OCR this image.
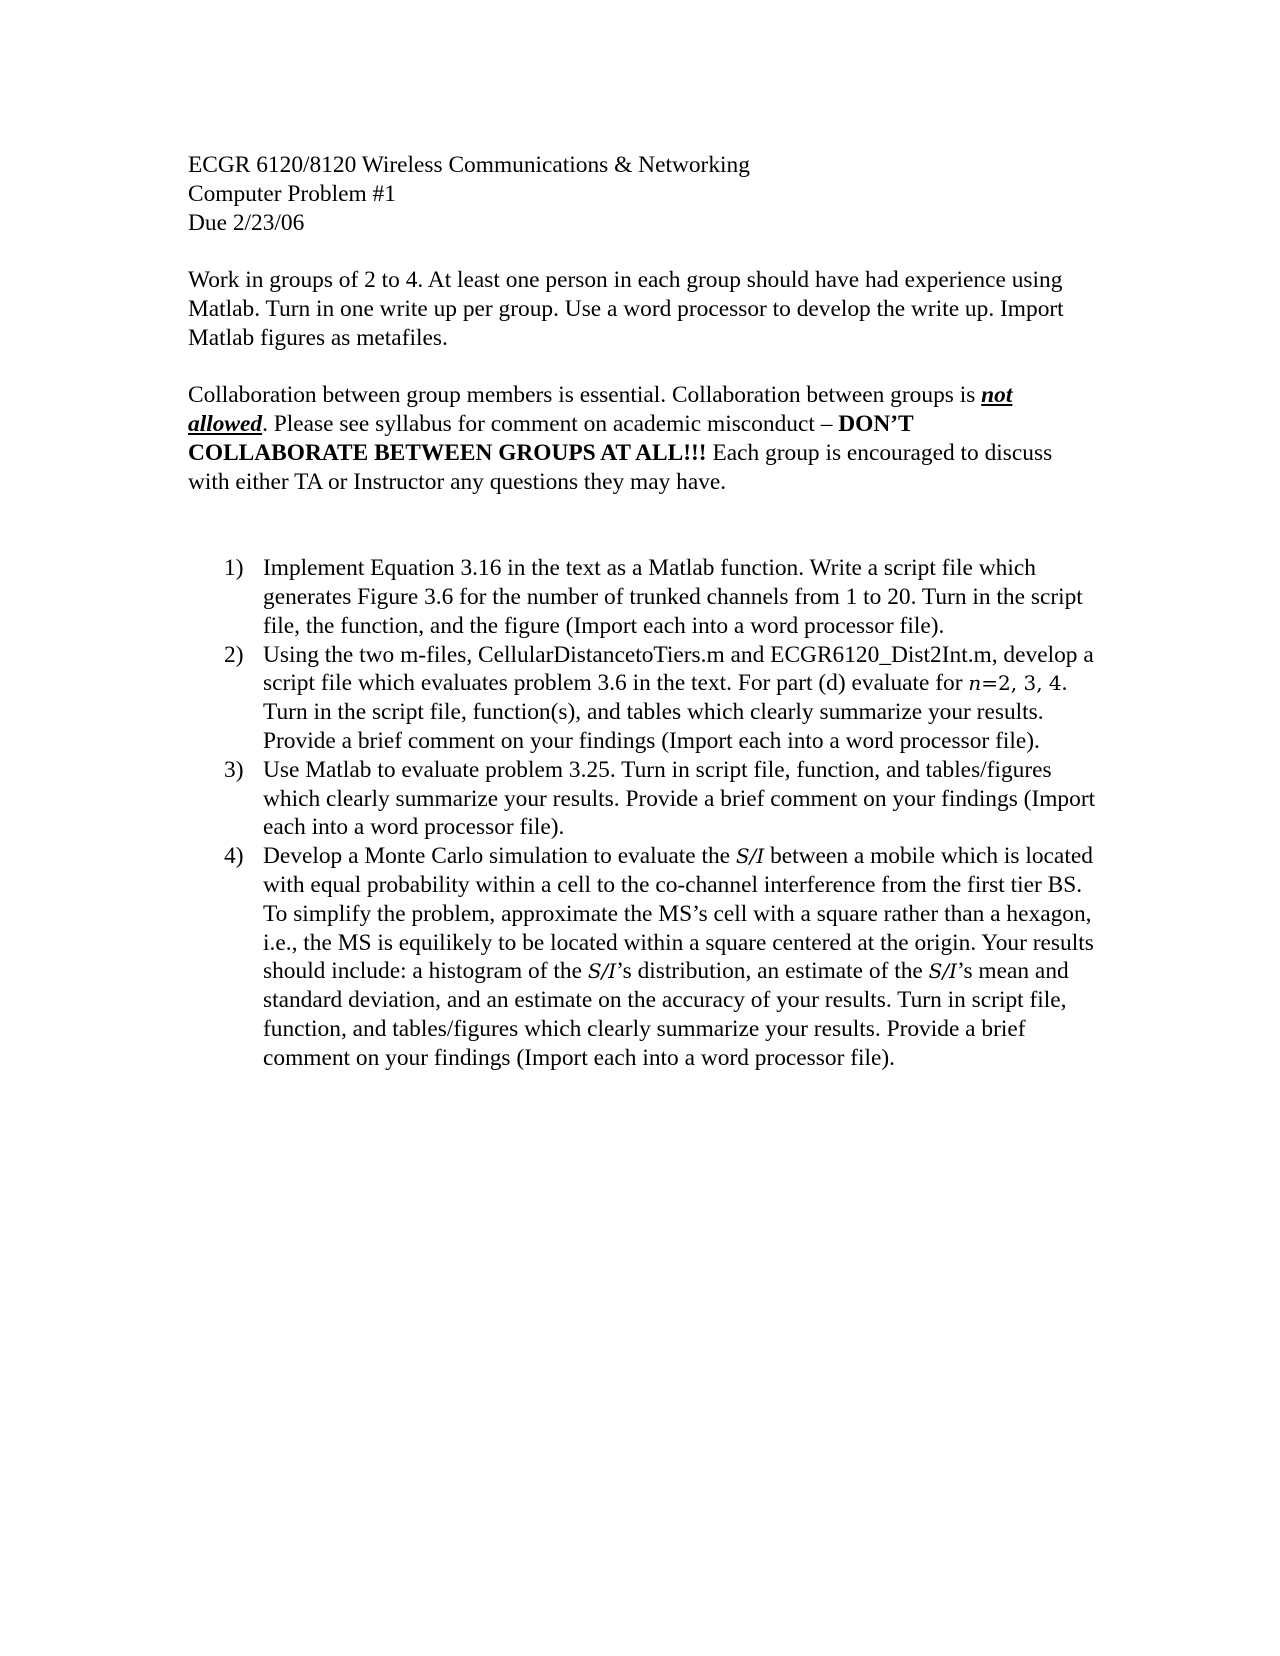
ECGR 6120/8120 Wireless Communications & Networking
Computer Problem #1
Due 2/23/06

Work in groups of 2 to 4. At least one person in each group should have had experience using Matlab. Turn in one write up per group. Use a word processor to develop the write up. Import Matlab figures as metafiles.

Collaboration between group members is essential. Collaboration between groups is not allowed. Please see syllabus for comment on academic misconduct – DON’T COLLABORATE BETWEEN GROUPS AT ALL!!! Each group is encouraged to discuss with either TA or Instructor any questions they may have.

1) Implement Equation 3.16 in the text as a Matlab function. Write a script file which generates Figure 3.6 for the number of trunked channels from 1 to 20. Turn in the script file, the function, and the figure (Import each into a word processor file).
2) Using the two m-files, CellularDistancetoTiers.m and ECGR6120_Dist2Int.m, develop a script file which evaluates problem 3.6 in the text. For part (d) evaluate for n=2, 3, 4. Turn in the script file, function(s), and tables which clearly summarize your results. Provide a brief comment on your findings (Import each into a word processor file).
3) Use Matlab to evaluate problem 3.25. Turn in script file, function, and tables/figures which clearly summarize your results. Provide a brief comment on your findings (Import each into a word processor file).
4) Develop a Monte Carlo simulation to evaluate the S/I between a mobile which is located with equal probability within a cell to the co-channel interference from the first tier BS. To simplify the problem, approximate the MS’s cell with a square rather than a hexagon, i.e., the MS is equilikely to be located within a square centered at the origin. Your results should include: a histogram of the S/I’s distribution, an estimate of the S/I’s mean and standard deviation, and an estimate on the accuracy of your results. Turn in script file, function, and tables/figures which clearly summarize your results. Provide a brief comment on your findings (Import each into a word processor file).
